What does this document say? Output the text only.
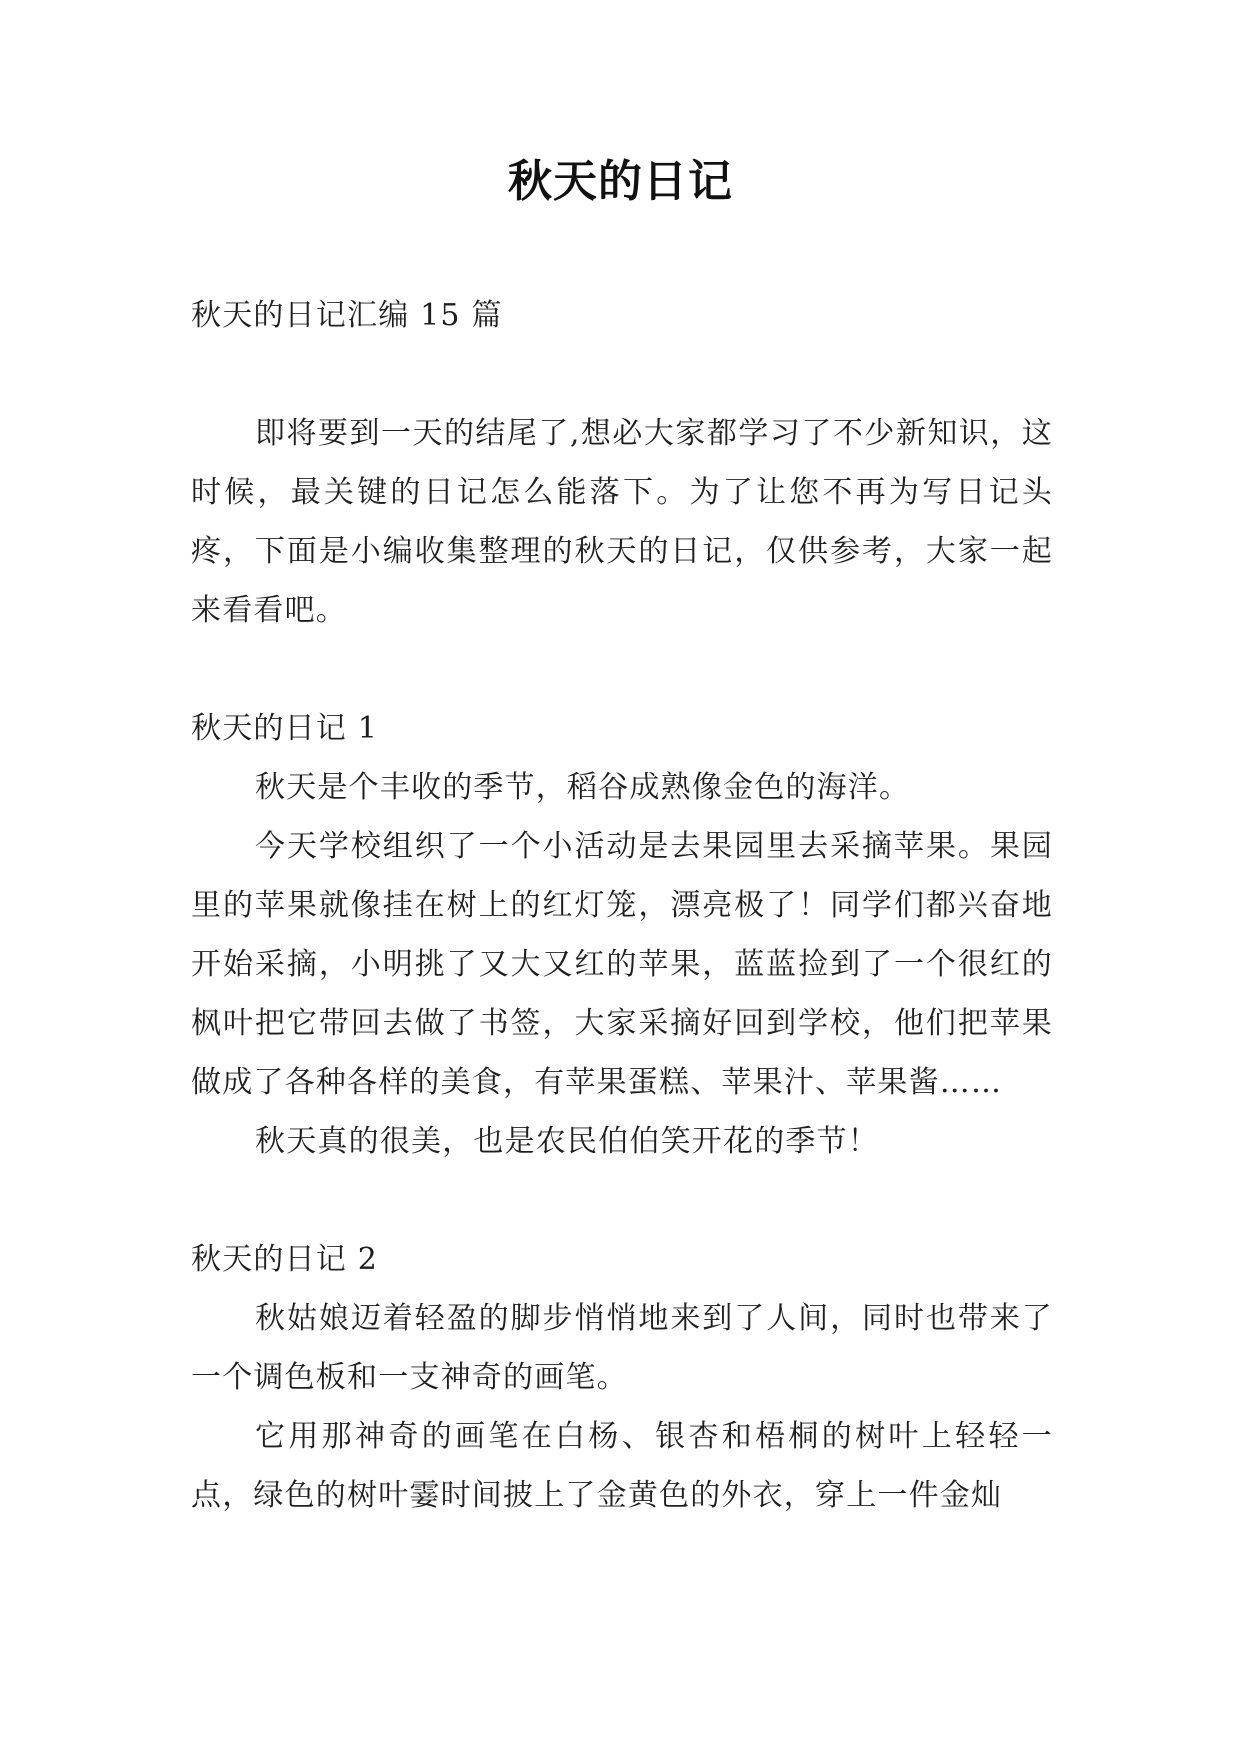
秋天的日记

秋天的日记汇编 15 篇

即将要到一天的结尾了,想必大家都学习了不少新知识，这时候，最关键的日记怎么能落下。为了让您不再为写日记头疼，下面是小编收集整理的秋天的日记，仅供参考，大家一起来看看吧。

秋天的日记 1

秋天是个丰收的季节，稻谷成熟像金色的海洋。

今天学校组织了一个小活动是去果园里去采摘苹果。果园里的苹果就像挂在树上的红灯笼，漂亮极了！同学们都兴奋地开始采摘，小明挑了又大又红的苹果，蓝蓝捡到了一个很红的枫叶把它带回去做了书签，大家采摘好回到学校，他们把苹果做成了各种各样的美食，有苹果蛋糕、苹果汁、苹果酱……

秋天真的很美，也是农民伯伯笑开花的季节！

秋天的日记 2

秋姑娘迈着轻盈的脚步悄悄地来到了人间，同时也带来了一个调色板和一支神奇的画笔。

它用那神奇的画笔在白杨、银杏和梧桐的树叶上轻轻一点，绿色的树叶霎时间披上了金黄色的外衣，穿上一件金灿
